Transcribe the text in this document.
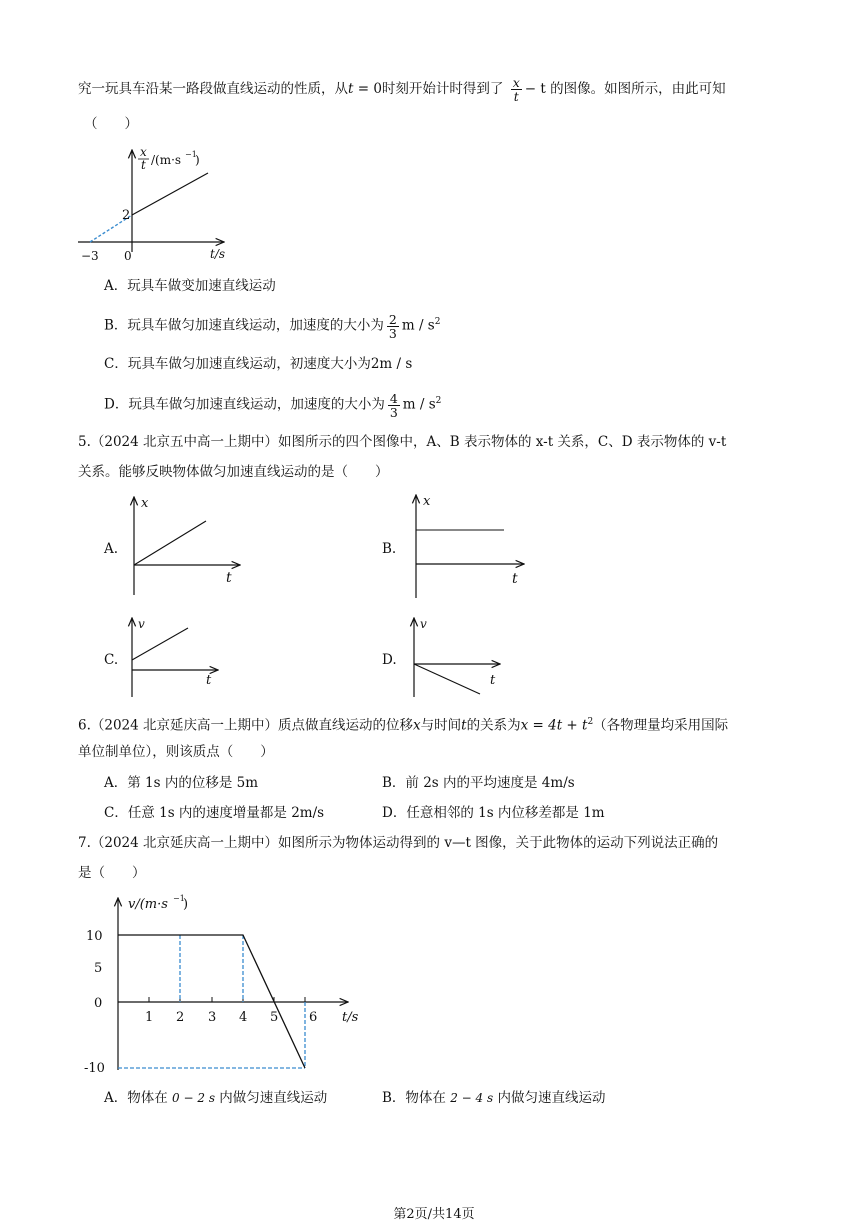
究一玩具车沿某一路段做直线运动的性质，从t = 0时刻开始计时得到了 $\frac{x}{t} - t$ 的图像。如图所示，由此可知
（　　）
x
t /(m·s −1
)
2
−3 0	t/s
A．玩具车做变加速直线运动
B．玩具车做匀加速直线运动，加速度的大小为 $\frac{2}{3}$ m / $s^2$
C．玩具车做匀加速直线运动，初速度大小为2m / s
D．玩具车做匀加速直线运动，加速度的大小为 $\frac{4}{3}$ m / $s^2$
5.（2024 北京五中高一上期中）如图所示的四个图像中，A、B 表示物体的 x-t 关系，C、D 表示物体的 v-t
关系。能够反映物体做匀加速直线运动的是（　　）
A.
x
t
B.
x
t
C.
v
t
D.
v
t
6.（2024 北京延庆高一上期中）质点做直线运动的位移x与时间t的关系为$x = 4t + t^2$（各物理量均采用国际
单位制单位），则该质点（　　）
A．第 1s 内的位移是 5m	B．前 2s 内的平均速度是 4m/s
C．任意 1s 内的速度增量都是 2m/s	D．任意相邻的 1s 内位移差都是 1m
7.（2024 北京延庆高一上期中）如图所示为物体运动得到的 v—t 图像，关于此物体的运动下列说法正确的
是（　　）
v/(m·s −1
)
10
5
0
-10
1 2 3 4 5 6 t/s
A．物体在 0 − 2 s 内做匀速直线运动	B．物体在 2 − 4 s 内做匀速直线运动
第2页/共14页
